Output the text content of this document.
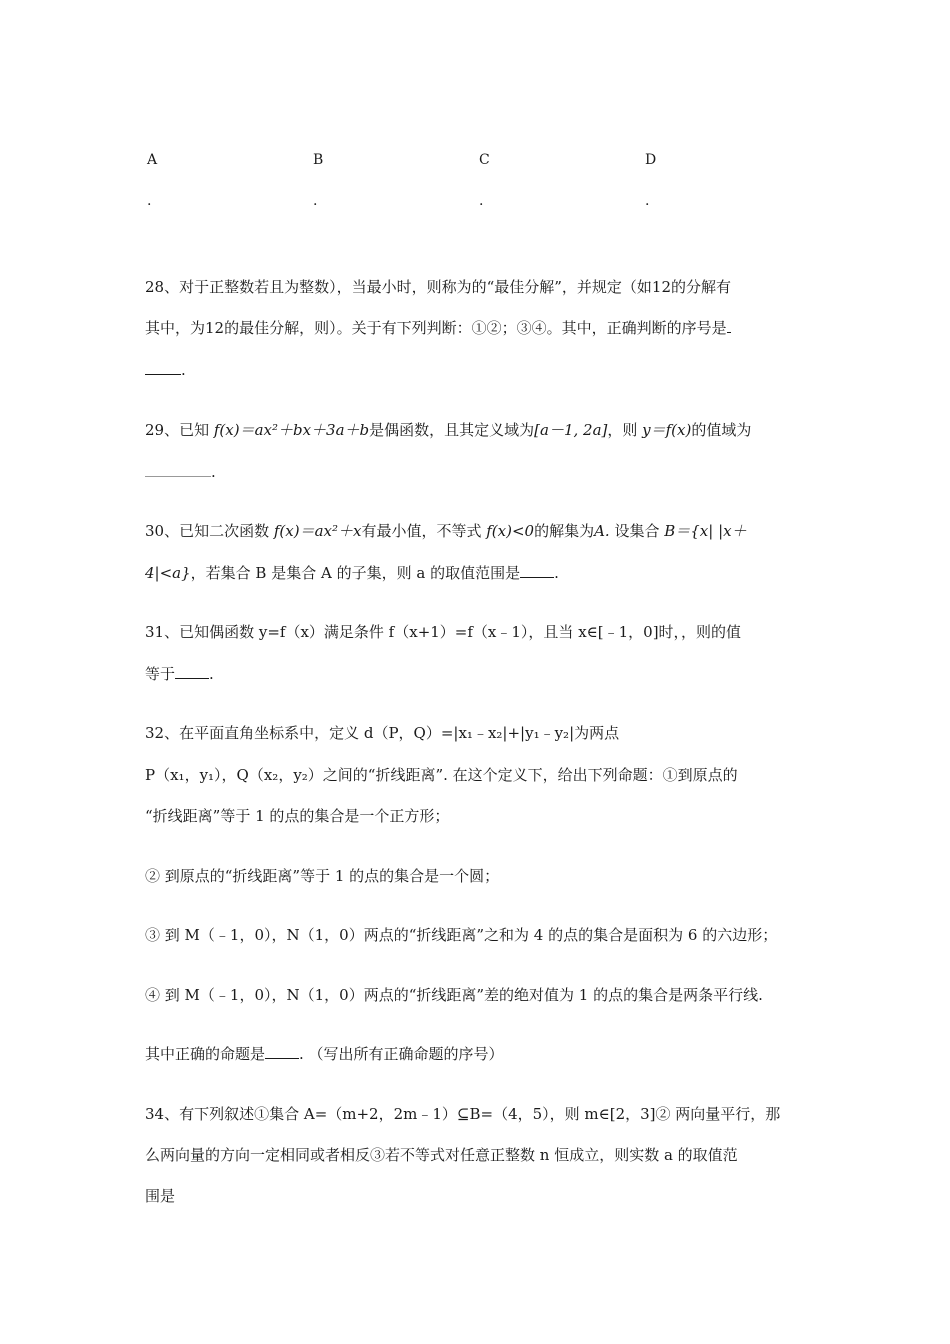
A
.
B
.
C
.
D
.
28、对于正整数若且为整数），当最小时，则称为的“最佳分解”，并规定（如12的分解有
其中，为12的最佳分解，则）。关于有下列判断：①②；③④。其中，正确判断的序号是
.
29、已知 f(x)＝ax²＋bx＋3a＋b是偶函数，且其定义域为[a－1, 2a]，则 y＝f(x)的值域为
.
30、已知二次函数 f(x)＝ax²＋x有最小值，不等式 f(x)<0的解集为A. 设集合 B＝{x| |x＋
4|<a}，若集合 B 是集合 A 的子集，则 a 的取值范围是 .
31、已知偶函数 y=f（x）满足条件 f（x+1）=f（x﹣1），且当 x∈[﹣1，0]时，，则的值
等于 .
32、在平面直角坐标系中，定义 d（P，Q）=|x₁﹣x₂|+|y₁﹣y₂|为两点
P（x₁，y₁），Q（x₂，y₂）之间的“折线距离”. 在这个定义下，给出下列命题：①到原点的
“折线距离”等于 1 的点的集合是一个正方形；
② 到原点的“折线距离”等于 1 的点的集合是一个圆；
③ 到 M（﹣1，0），N（1，0）两点的“折线距离”之和为 4 的点的集合是面积为 6 的六边形；
④ 到 M（﹣1，0），N（1，0）两点的“折线距离”差的绝对值为 1 的点的集合是两条平行线.
其中正确的命题是 . （写出所有正确命题的序号）
34、有下列叙述①集合 A=（m+2，2m﹣1）⊆B=（4，5），则 m∈[2，3]② 两向量平行，那
么两向量的方向一定相同或者相反③若不等式对任意正整数 n 恒成立，则实数 a 的取值范
围是
